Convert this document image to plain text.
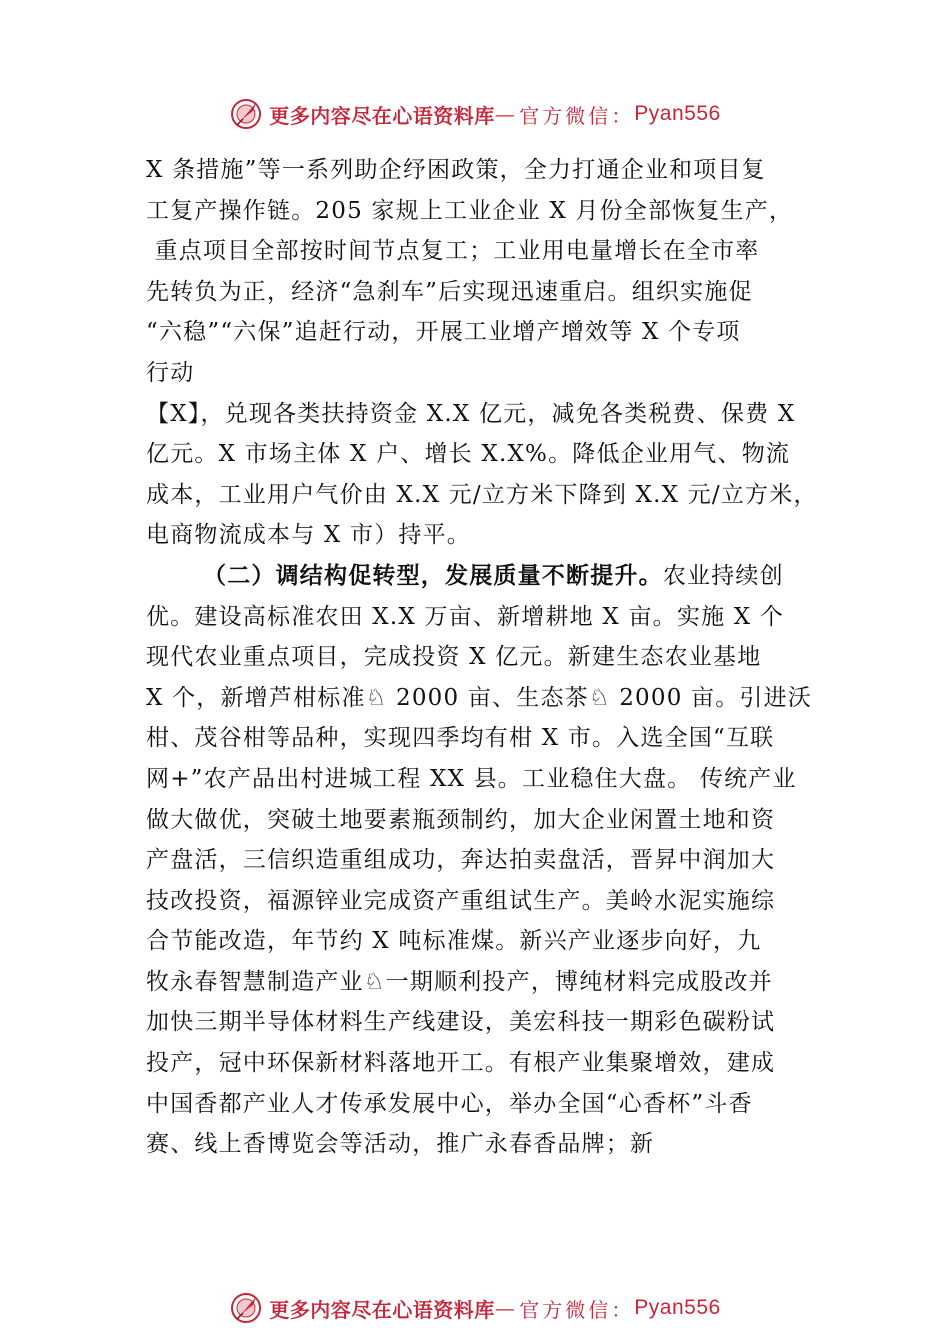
更多内容尽在心语资料库 — 官方微信： Pyan556
X 条措施”等一系列助企纾困政策，全力打通企业和项目复
工复产操作链。205 家规上工业企业 X 月份全部恢复生产，
重点项目全部按时间节点复工；工业用电量增长在全市率
先转负为正，经济“急刹车”后实现迅速重启。组织实施促
“六稳”“六保”追赶行动，开展工业增产增效等 X 个专项
行动
【X】，兑现各类扶持资金 X.X 亿元，减免各类税费、保费 X
亿元。X 市场主体 X 户、增长 X.X%。降低企业用气、物流
成本，工业用户气价由 X.X 元/立方米下降到 X.X 元/立方米，
电商物流成本与 X 市）持平。
（二）调结构促转型，发展质量不断提升。农业持续创
优。建设高标准农田 X.X 万亩、新增耕地 X 亩。实施 X 个
现代农业重点项目，完成投资 X 亿元。新建生态农业基地
X 个，新增芦柑标准♘ 2000 亩、生态茶♘ 2000 亩。引进沃
柑、茂谷柑等品种，实现四季均有柑 X 市。入选全国“互联
网+”农产品出村进城工程 XX 县。工业稳住大盘。 传统产业
做大做优，突破土地要素瓶颈制约，加大企业闲置土地和资
产盘活，三信织造重组成功，奔达拍卖盘活，晋昇中润加大
技改投资，福源锌业完成资产重组试生产。美岭水泥实施综
合节能改造，年节约 X 吨标准煤。新兴产业逐步向好，九
牧永春智慧制造产业♘一期顺利投产，博纯材料完成股改并
加快三期半导体材料生产线建设，美宏科技一期彩色碳粉试
投产，冠中环保新材料落地开工。有根产业集聚增效，建成
中国香都产业人才传承发展中心，举办全国“心香杯”斗香
赛、线上香博览会等活动，推广永春香品牌；新
更多内容尽在心语资料库 — 官方微信： Pyan556
